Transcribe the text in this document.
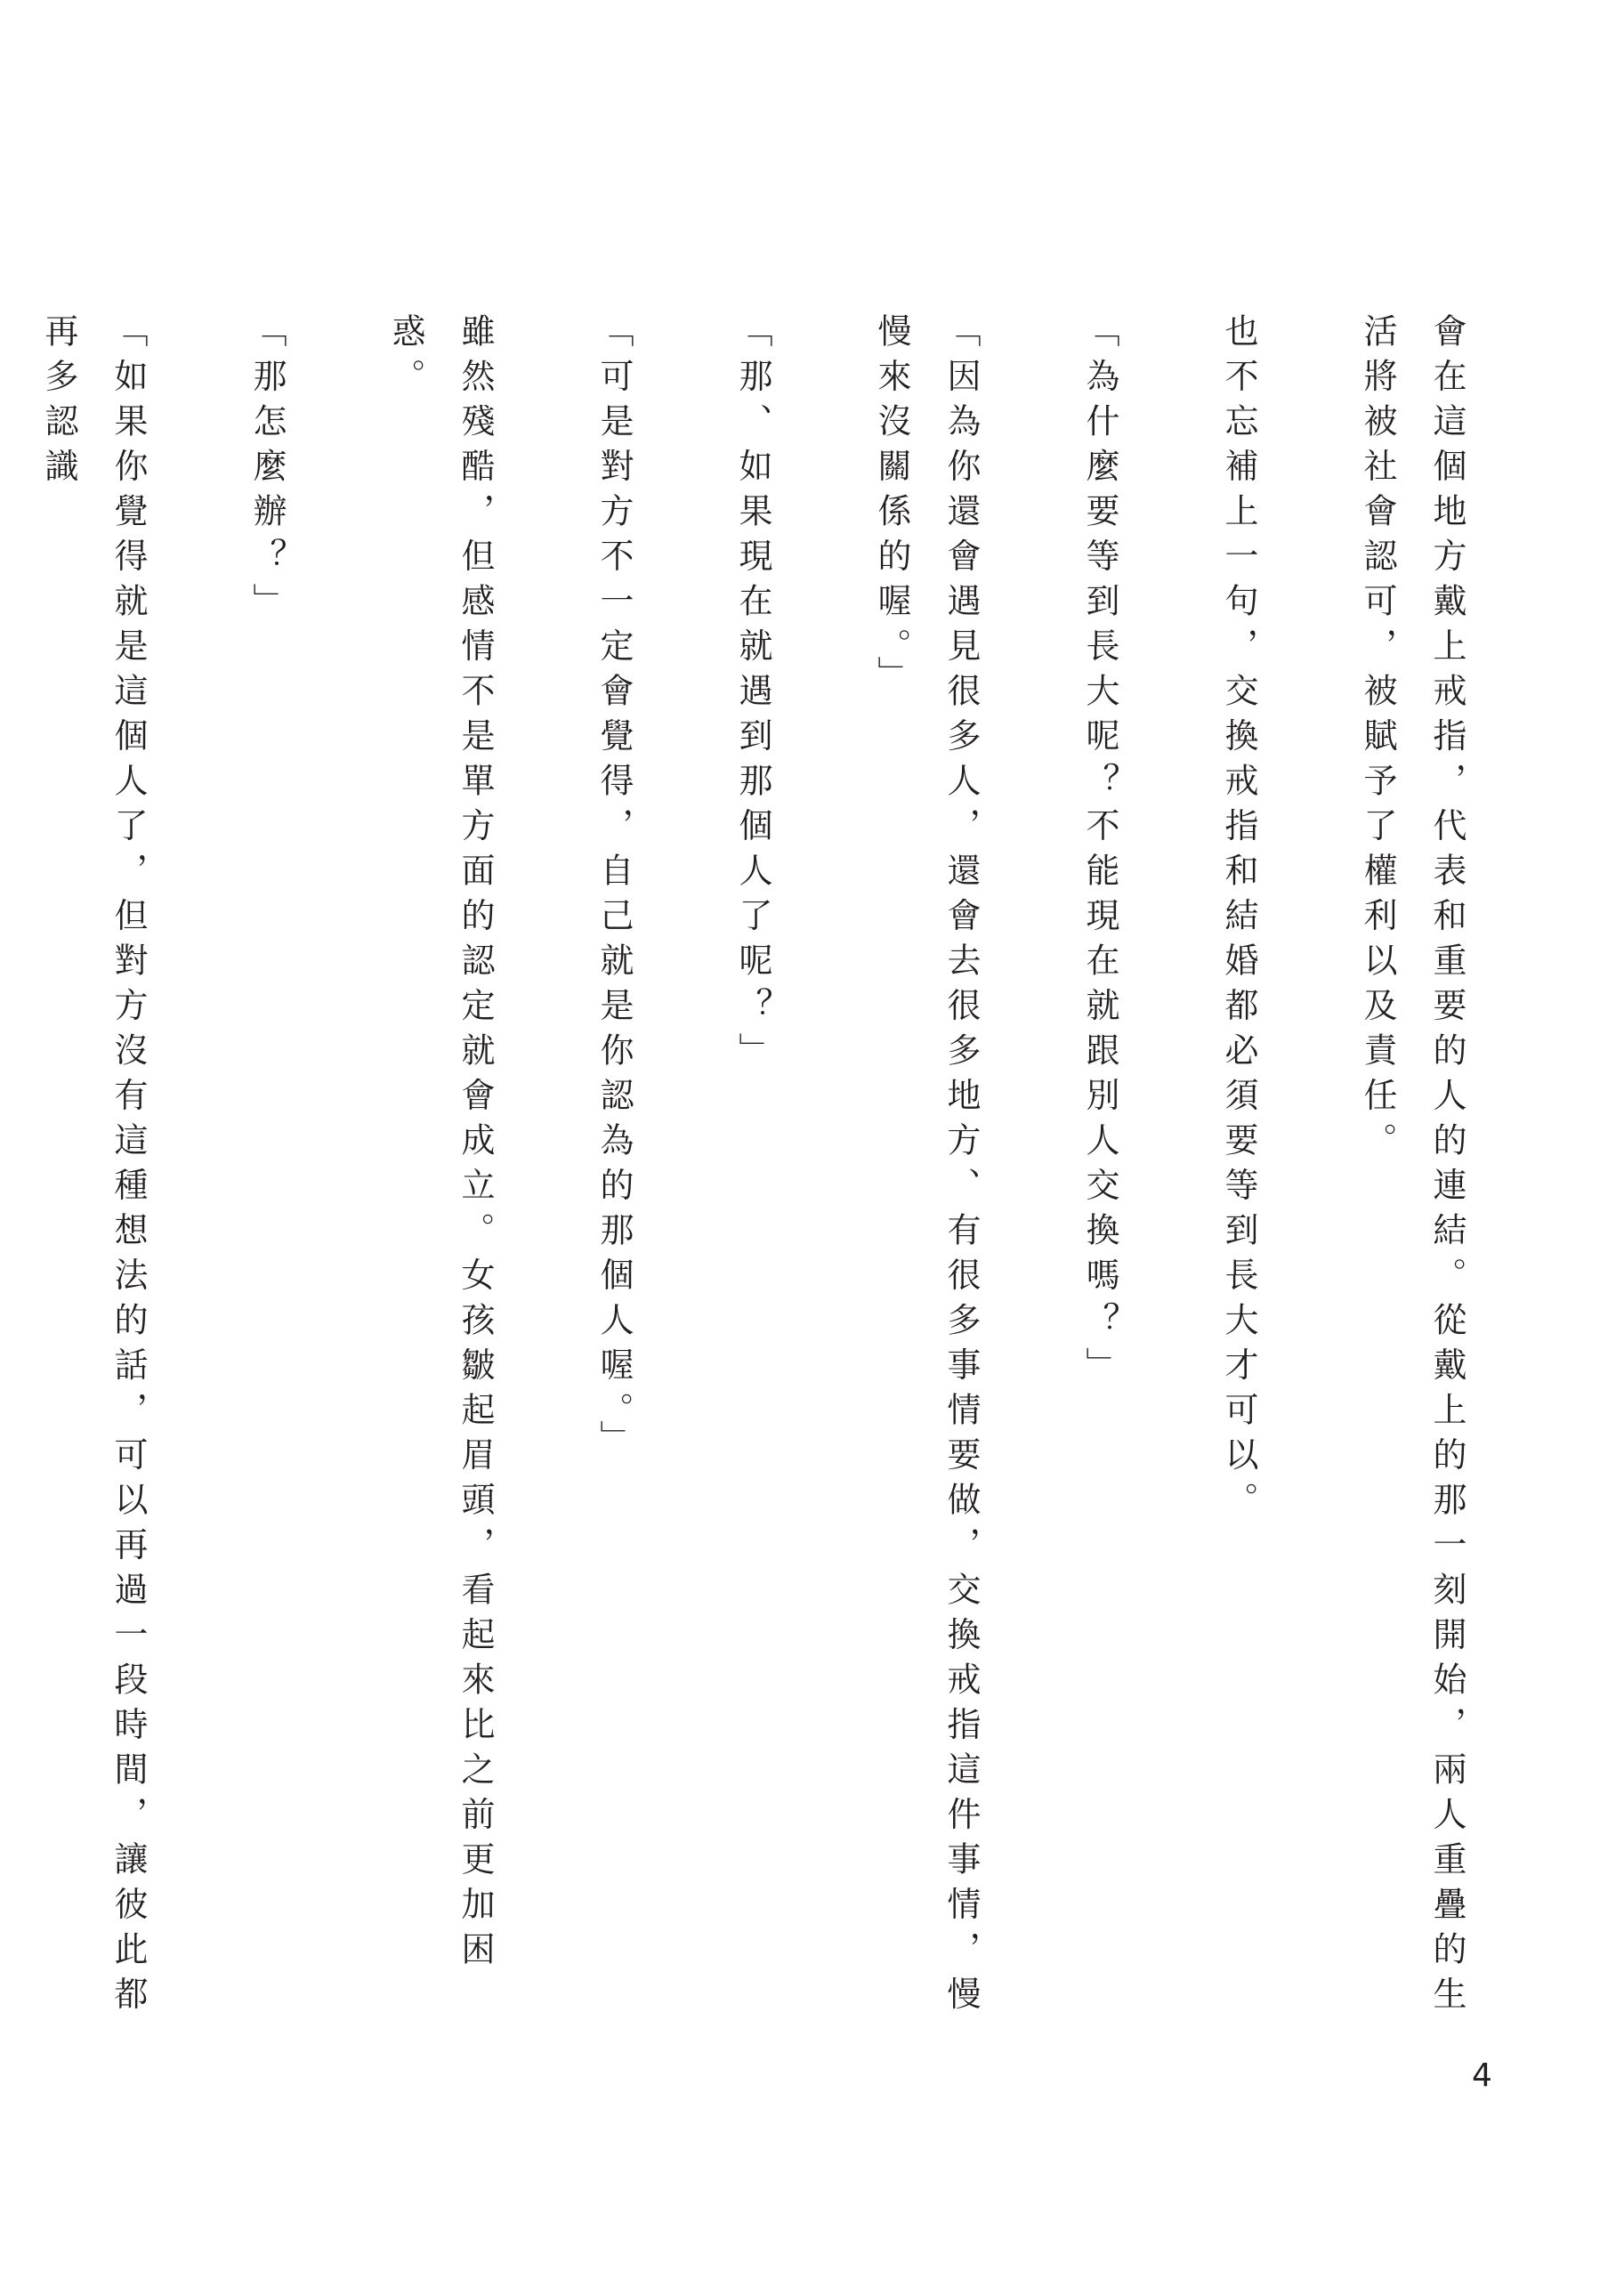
會在這個地方戴上戒指，代表和重要的人的連結。從戴上的那一刻開始，兩人重疊的生活將被社會認可，被賦予了權利以及責任。

也不忘補上一句，交換戒指和結婚都必須要等到長大才可以。

「為什麼要等到長大呢？不能現在就跟別人交換嗎？」

「因為你還會遇見很多人，還會去很多地方、有很多事情要做，交換戒指這件事情，慢慢來沒關係的喔。」

「那、如果現在就遇到那個人了呢？」

「可是對方不一定會覺得，自己就是你認為的那個人喔。」

雖然殘酷，但感情不是單方面的認定就會成立。女孩皺起眉頭，看起來比之前更加困惑。

「那怎麼辦？」

「如果你覺得就是這個人了，但對方沒有這種想法的話，可以再過一段時間，讓彼此都再多認識

4
